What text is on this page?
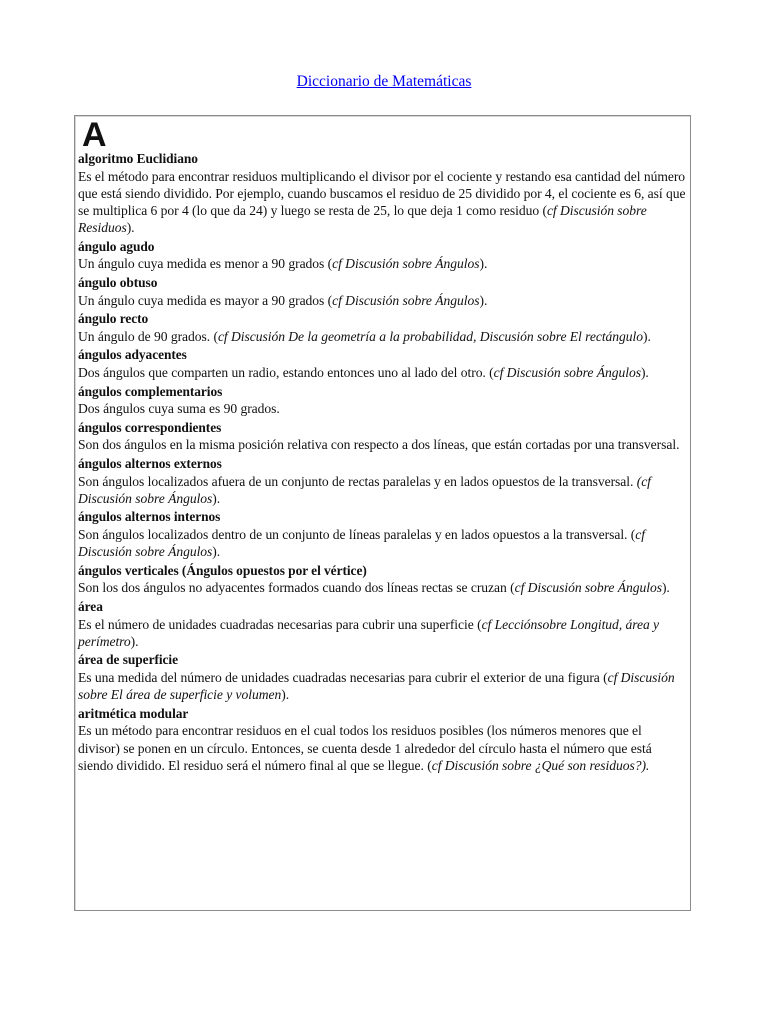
Diccionario de Matemáticas
A
algoritmo Euclidiano
Es el método para encontrar residuos multiplicando el divisor por el cociente y restando esa cantidad del número que está siendo dividido. Por ejemplo, cuando buscamos el residuo de 25 dividido por 4, el cociente es 6, así que se multiplica 6 por 4 (lo que da 24) y luego se resta de 25, lo que deja 1 como residuo (cf Discusión sobre Residuos).
ángulo agudo
Un ángulo cuya medida es menor a 90 grados (cf Discusión sobre Ángulos).
ángulo obtuso
Un ángulo cuya medida es mayor a 90 grados (cf Discusión sobre Ángulos).
ángulo recto
Un ángulo de 90 grados. (cf Discusión De la geometría a la probabilidad, Discusión sobre El rectángulo).
ángulos adyacentes
Dos ángulos que comparten un radio, estando entonces uno al lado del otro. (cf Discusión sobre Ángulos).
ángulos complementarios
Dos ángulos cuya suma es 90 grados.
ángulos correspondientes
Son dos ángulos en la misma posición relativa con respecto a dos líneas, que están cortadas por una transversal.
ángulos alternos externos
Son ángulos localizados afuera de un conjunto de rectas paralelas y en lados opuestos de la transversal. (cf Discusión sobre Ángulos).
ángulos alternos internos
Son ángulos localizados dentro de un conjunto de líneas paralelas y en lados opuestos a la transversal. (cf Discusión sobre Ángulos).
ángulos verticales (Ángulos opuestos por el vértice)
Son los dos ángulos no adyacentes formados cuando dos líneas rectas se cruzan (cf Discusión sobre Ángulos).
área
Es el número de unidades cuadradas necesarias para cubrir una superficie (cf Lecciónsobre Longitud, área y perímetro).
área de superficie
Es una medida del número de unidades cuadradas necesarias para cubrir el exterior de una figura (cf Discusión sobre El área de superficie y volumen).
aritmética modular
Es un método para encontrar residuos en el cual todos los residuos posibles (los números menores que el divisor) se ponen en un círculo. Entonces, se cuenta desde 1 alrededor del círculo hasta el número que está siendo dividido. El residuo será el número final al que se llegue. (cf Discusión sobre ¿Qué son residuos?).
